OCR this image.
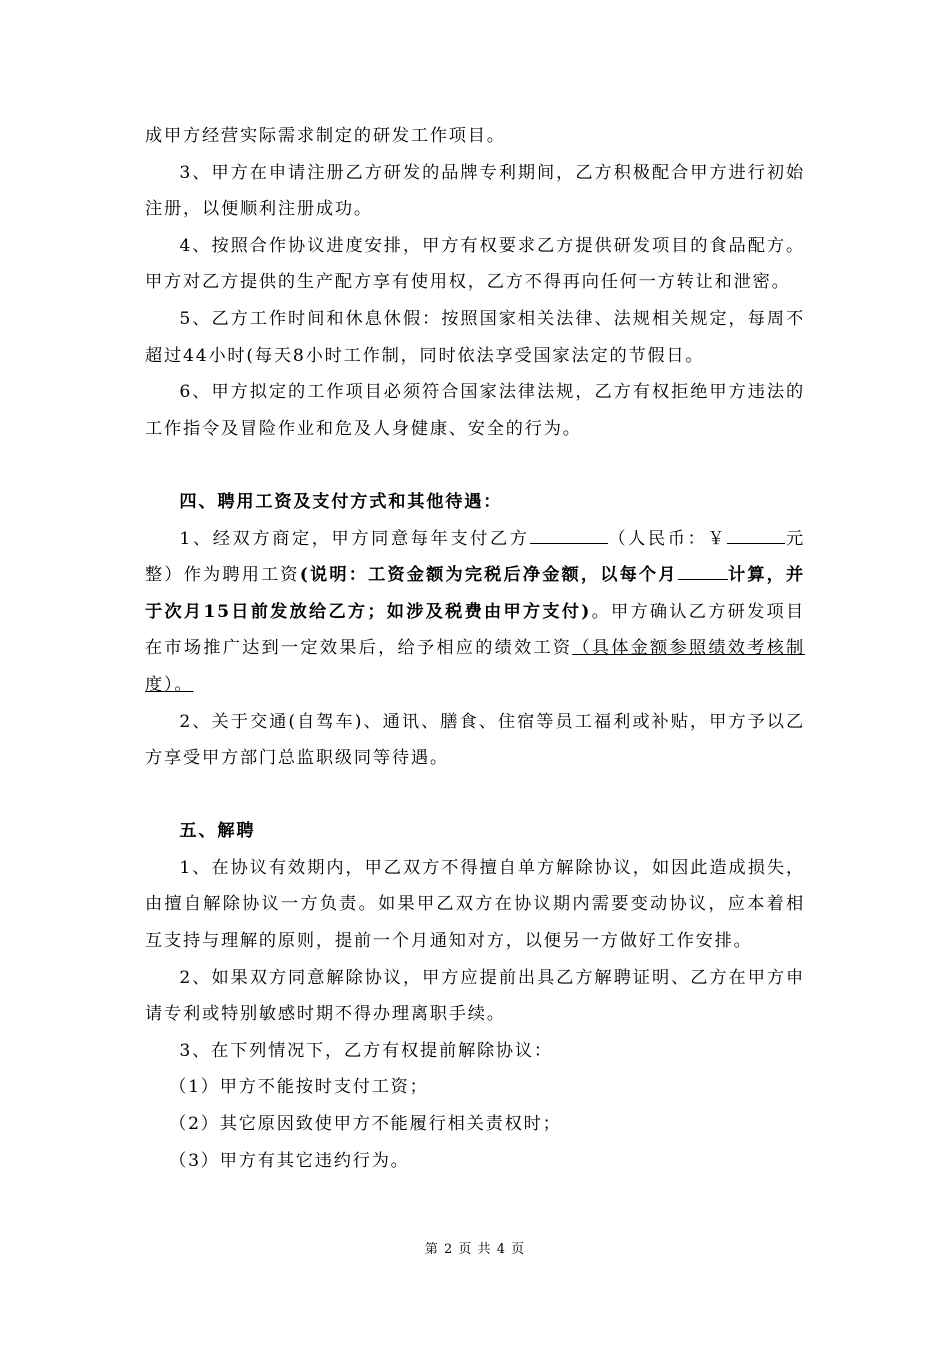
成甲方经营实际需求制定的研发工作项目。

3、甲方在申请注册乙方研发的品牌专利期间，乙方积极配合甲方进行初始注册，以便顺利注册成功。

4、按照合作协议进度安排，甲方有权要求乙方提供研发项目的食品配方。甲方对乙方提供的生产配方享有使用权，乙方不得再向任何一方转让和泄密。

5、乙方工作时间和休息休假：按照国家相关法律、法规相关规定，每周不超过44小时(每天8小时工作制，同时依法享受国家法定的节假日。

6、甲方拟定的工作项目必须符合国家法律法规，乙方有权拒绝甲方违法的工作指令及冒险作业和危及人身健康、安全的行为。

四、聘用工资及支付方式和其他待遇：

1、经双方商定，甲方同意每年支付乙方	（人民币：￥	元整）作为聘用工资(说明：工资金额为完税后净金额，以每个月	计算，并于次月15日前发放给乙方；如涉及税费由甲方支付)。甲方确认乙方研发项目在市场推广达到一定效果后，给予相应的绩效工资（具体金额参照绩效考核制度）。

2、关于交通(自驾车)、通讯、膳食、住宿等员工福利或补贴，甲方予以乙方享受甲方部门总监职级同等待遇。

五、解聘

1、在协议有效期内，甲乙双方不得擅自单方解除协议，如因此造成损失，由擅自解除协议一方负责。如果甲乙双方在协议期内需要变动协议，应本着相互支持与理解的原则，提前一个月通知对方，以便另一方做好工作安排。

2、如果双方同意解除协议，甲方应提前出具乙方解聘证明、乙方在甲方申请专利或特别敏感时期不得办理离职手续。

3、在下列情况下，乙方有权提前解除协议：

（1）甲方不能按时支付工资；

（2）其它原因致使甲方不能履行相关责权时；

（3）甲方有其它违约行为。

第 2 页 共 4 页
